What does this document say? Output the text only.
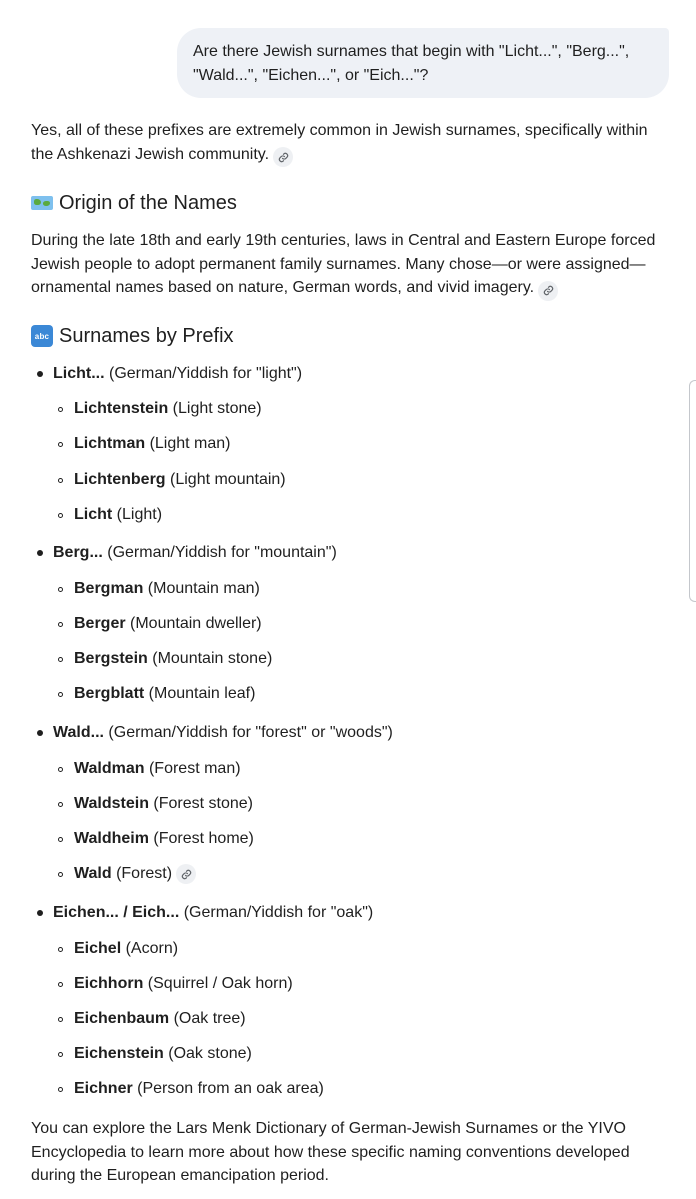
Are there Jewish surnames that begin with "Licht...", "Berg...", "Wald...", "Eichen...", or "Eich..."?
Yes, all of these prefixes are extremely common in Jewish surnames, specifically within the Ashkenazi Jewish community.
Origin of the Names
During the late 18th and early 19th centuries, laws in Central and Eastern Europe forced Jewish people to adopt permanent family surnames. Many chose—or were assigned—ornamental names based on nature, German words, and vivid imagery.
abc Surnames by Prefix
Licht... (German/Yiddish for "light")
Lichtenstein (Light stone)
Lichtman (Light man)
Lichtenberg (Light mountain)
Licht (Light)
Berg... (German/Yiddish for "mountain")
Bergman (Mountain man)
Berger (Mountain dweller)
Bergstein (Mountain stone)
Bergblatt (Mountain leaf)
Wald... (German/Yiddish for "forest" or "woods")
Waldman (Forest man)
Waldstein (Forest stone)
Waldheim (Forest home)
Wald (Forest)
Eichen... / Eich... (German/Yiddish for "oak")
Eichel (Acorn)
Eichhorn (Squirrel / Oak horn)
Eichenbaum (Oak tree)
Eichenstein (Oak stone)
Eichner (Person from an oak area)
You can explore the Lars Menk Dictionary of German-Jewish Surnames or the YIVO Encyclopedia to learn more about how these specific naming conventions developed during the European emancipation period.
